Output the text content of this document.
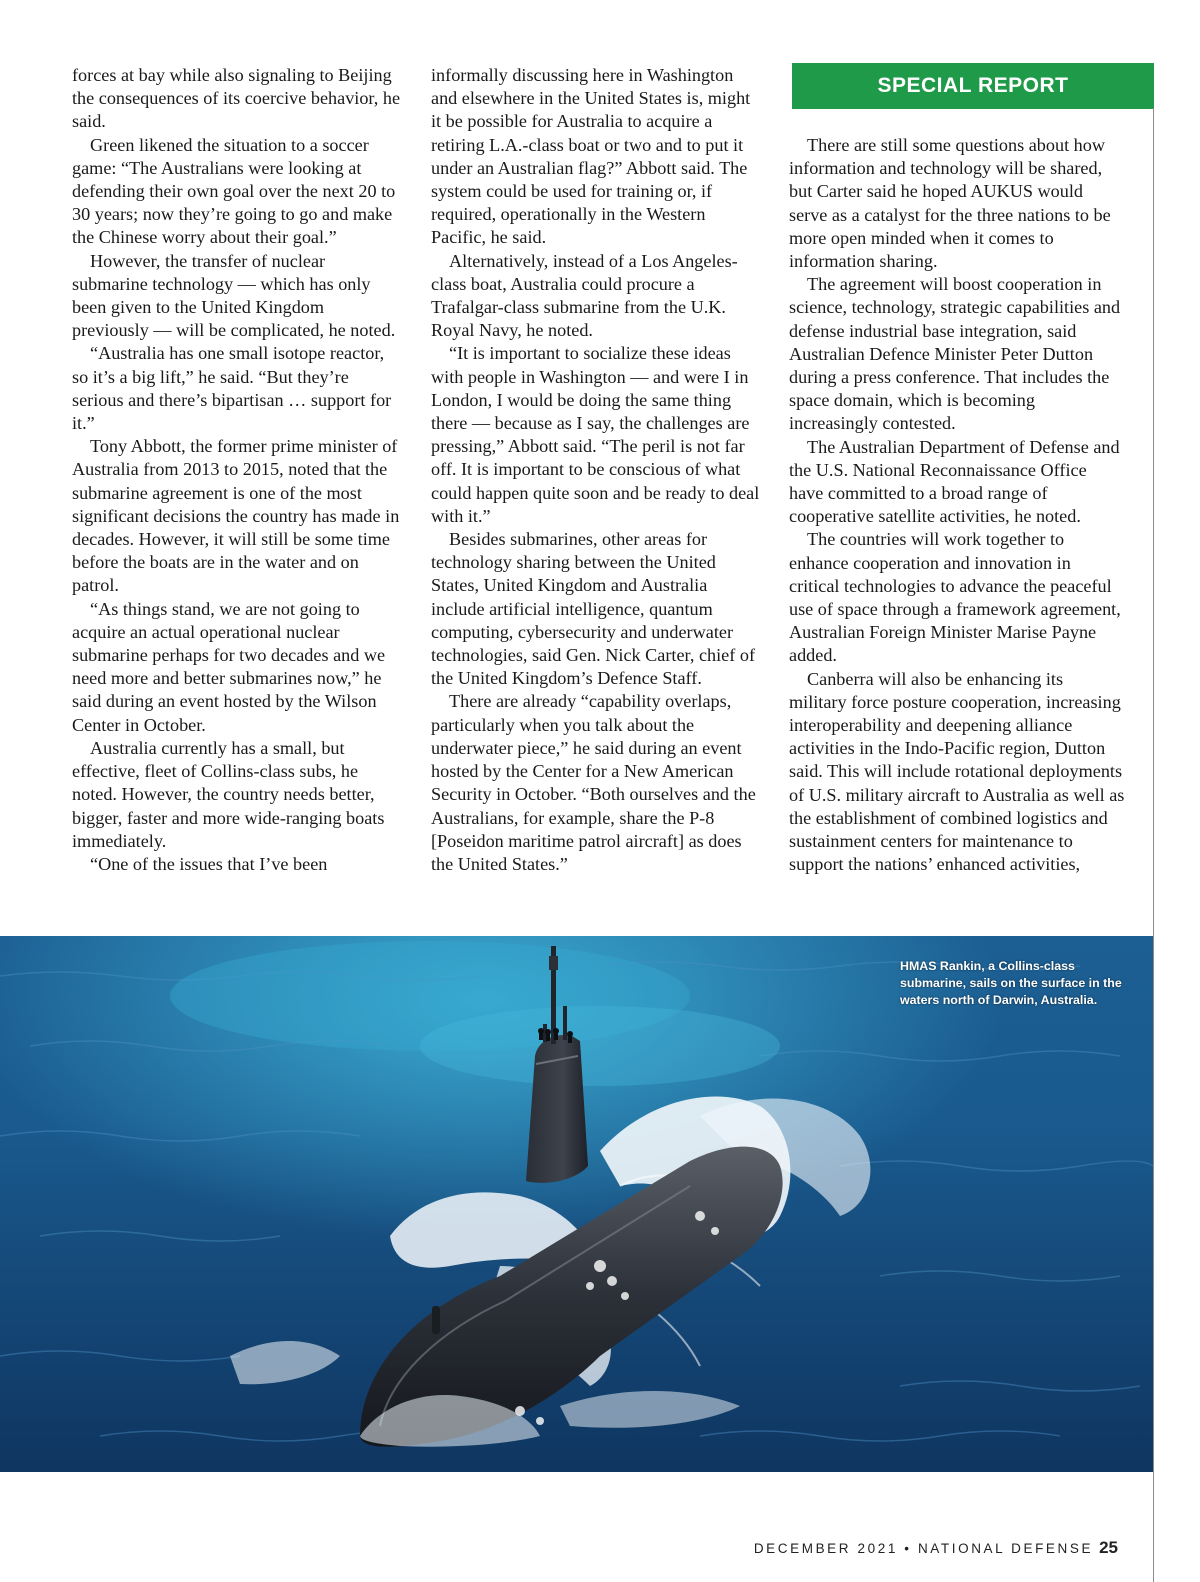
forces at bay while also signaling to Beijing the consequences of its coercive behavior, he said.

Green likened the situation to a soccer game: “The Australians were looking at defending their own goal over the next 20 to 30 years; now they’re going to go and make the Chinese worry about their goal.”

However, the transfer of nuclear submarine technology — which has only been given to the United Kingdom previously — will be complicated, he noted.

“Australia has one small isotope reactor, so it’s a big lift,” he said. “But they’re serious and there’s bipartisan … support for it.”

Tony Abbott, the former prime minister of Australia from 2013 to 2015, noted that the submarine agreement is one of the most significant decisions the country has made in decades. However, it will still be some time before the boats are in the water and on patrol.

“As things stand, we are not going to acquire an actual operational nuclear submarine perhaps for two decades and we need more and better submarines now,” he said during an event hosted by the Wilson Center in October.

Australia currently has a small, but effective, fleet of Collins-class subs, he noted. However, the country needs better, bigger, faster and more wide-ranging boats immediately.

“One of the issues that I’ve been

informally discussing here in Washington and elsewhere in the United States is, might it be possible for Australia to acquire a retiring L.A.-class boat or two and to put it under an Australian flag?” Abbott said. The system could be used for training or, if required, operationally in the Western Pacific, he said.

Alternatively, instead of a Los Angeles-class boat, Australia could procure a Trafalgar-class submarine from the U.K. Royal Navy, he noted.

“It is important to socialize these ideas with people in Washington — and were I in London, I would be doing the same thing there — because as I say, the challenges are pressing,” Abbott said. “The peril is not far off. It is important to be conscious of what could happen quite soon and be ready to deal with it.”

Besides submarines, other areas for technology sharing between the United States, United Kingdom and Australia include artificial intelligence, quantum computing, cybersecurity and underwater technologies, said Gen. Nick Carter, chief of the United Kingdom’s Defence Staff.

There are already “capability overlaps, particularly when you talk about the underwater piece,” he said during an event hosted by the Center for a New American Security in October. “Both ourselves and the Australians, for example, share the P-8 [Poseidon maritime patrol aircraft] as does the United States.”

SPECIAL REPORT

There are still some questions about how information and technology will be shared, but Carter said he hoped AUKUS would serve as a catalyst for the three nations to be more open minded when it comes to information sharing.

The agreement will boost cooperation in science, technology, strategic capabilities and defense industrial base integration, said Australian Defence Minister Peter Dutton during a press conference. That includes the space domain, which is becoming increasingly contested.

The Australian Department of Defense and the U.S. National Reconnaissance Office have committed to a broad range of cooperative satellite activities, he noted.

The countries will work together to enhance cooperation and innovation in critical technologies to advance the peaceful use of space through a framework agreement, Australian Foreign Minister Marise Payne added.

Canberra will also be enhancing its military force posture cooperation, increasing interoperability and deepening alliance activities in the Indo-Pacific region, Dutton said. This will include rotational deployments of U.S. military aircraft to Australia as well as the establishment of combined logistics and sustainment centers for maintenance to support the nations’ enhanced activities,

HMAS Rankin, a Collins-class submarine, sails on the surface in the waters north of Darwin, Australia.
DECEMBER 2021 • NATIONAL DEFENSE 25
